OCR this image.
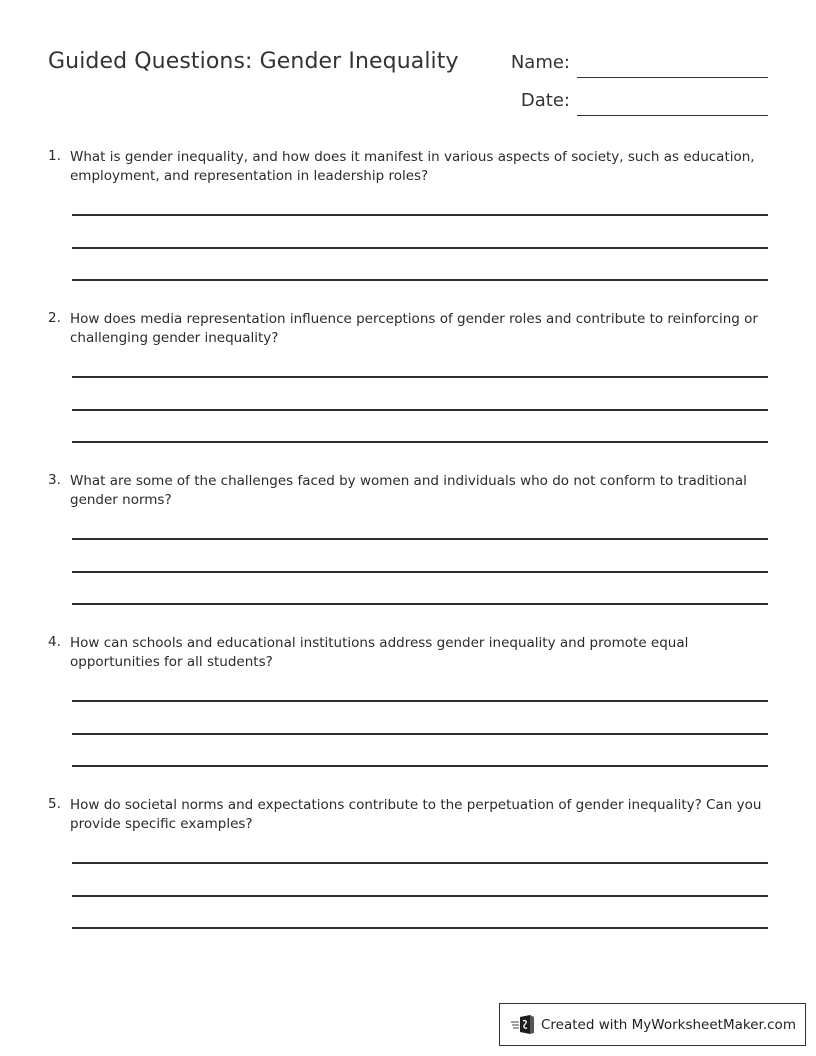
Guided Questions: Gender Inequality	Name:
Date:
1. What is gender inequality, and how does it manifest in various aspects of society, such as education, employment, and representation in leadership roles?
2. How does media representation influence perceptions of gender roles and contribute to reinforcing or challenging gender inequality?
3. What are some of the challenges faced by women and individuals who do not conform to traditional gender norms?
4. How can schools and educational institutions address gender inequality and promote equal opportunities for all students?
5. How do societal norms and expectations contribute to the perpetuation of gender inequality? Can you provide specific examples?
Created with MyWorksheetMaker.com
